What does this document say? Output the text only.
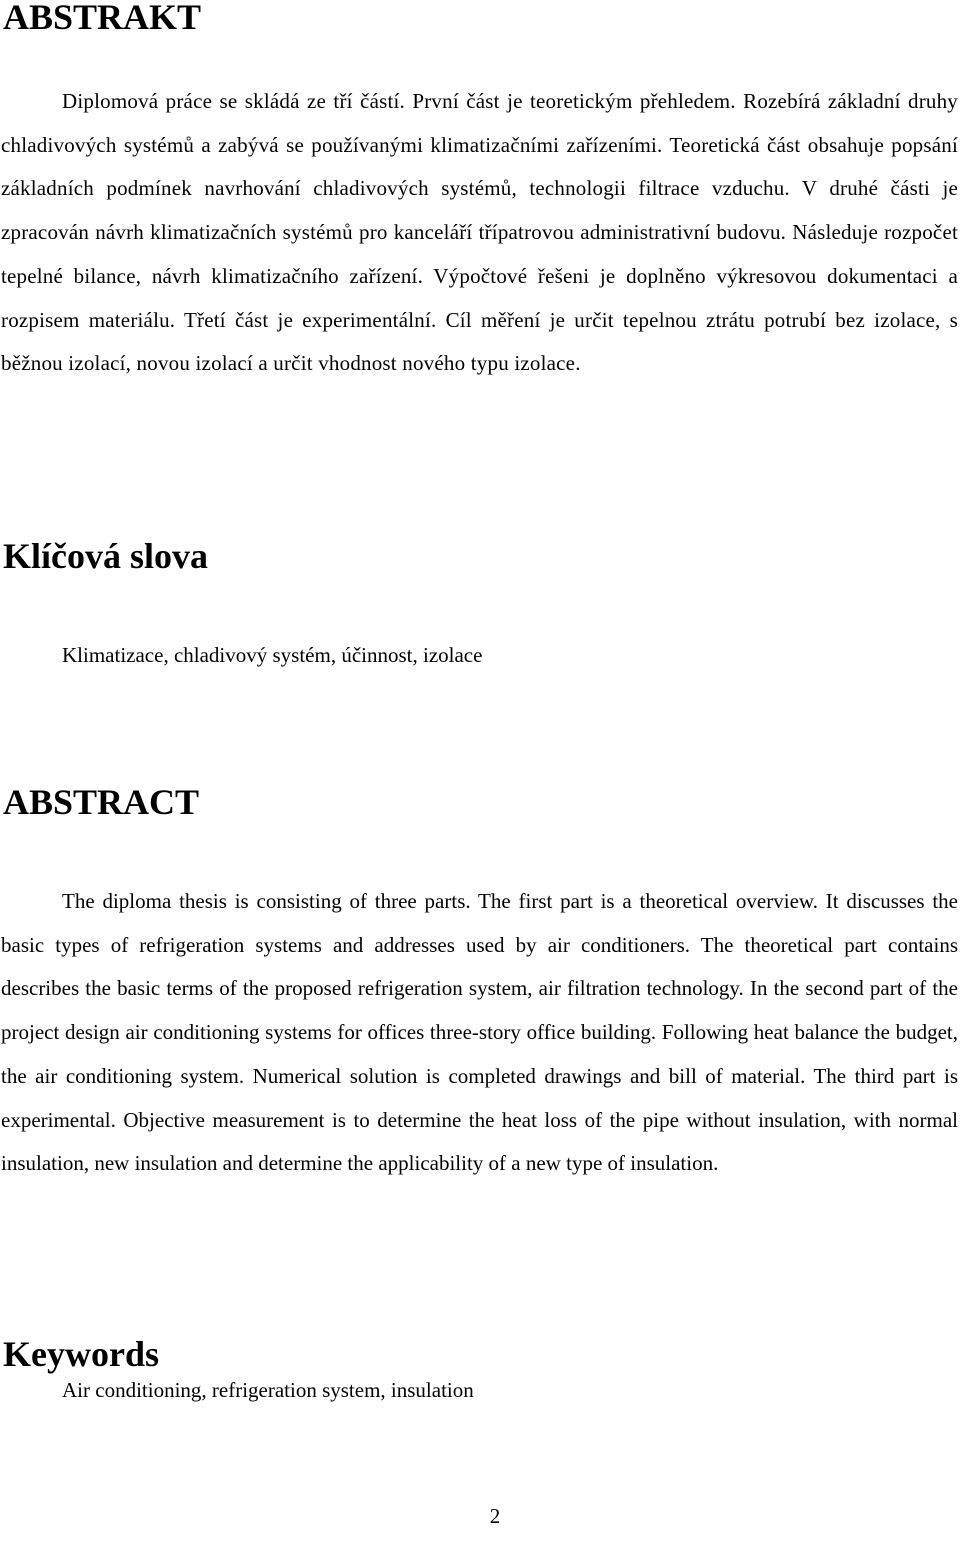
ABSTRAKT

Diplomová práce se skládá ze tří částí. První část je teoretickým přehledem. Rozebírá základní druhy chladivových systémů a zabývá se používanými klimatizačními zařízeními. Teoretická část obsahuje popsání základních podmínek navrhování chladivových systémů, technologii filtrace vzduchu. V druhé části je zpracován návrh klimatizačních systémů pro kanceláří třípatrovou administrativní budovu. Následuje rozpočet tepelné bilance, návrh klimatizačního zařízení. Výpočtové řešeni je doplněno výkresovou dokumentaci a rozpisem materiálu. Třetí část je experimentální. Cíl měření je určit tepelnou ztrátu potrubí bez izolace, s běžnou izolací, novou izolací a určit vhodnost nového typu izolace.

Klíčová slova

Klimatizace, chladivový systém, účinnost, izolace

ABSTRACT

The diploma thesis is consisting of three parts. The first part is a theoretical overview. It discusses the basic types of refrigeration systems and addresses used by air conditioners. The theoretical part contains describes the basic terms of the proposed refrigeration system, air filtration technology. In the second part of the project design air conditioning systems for offices three-story office building. Following heat balance the budget, the air conditioning system. Numerical solution is completed drawings and bill of material. The third part is experimental. Objective measurement is to determine the heat loss of the pipe without insulation, with normal insulation, new insulation and determine the applicability of a new type of insulation.

Keywords

Air conditioning, refrigeration system, insulation

2
